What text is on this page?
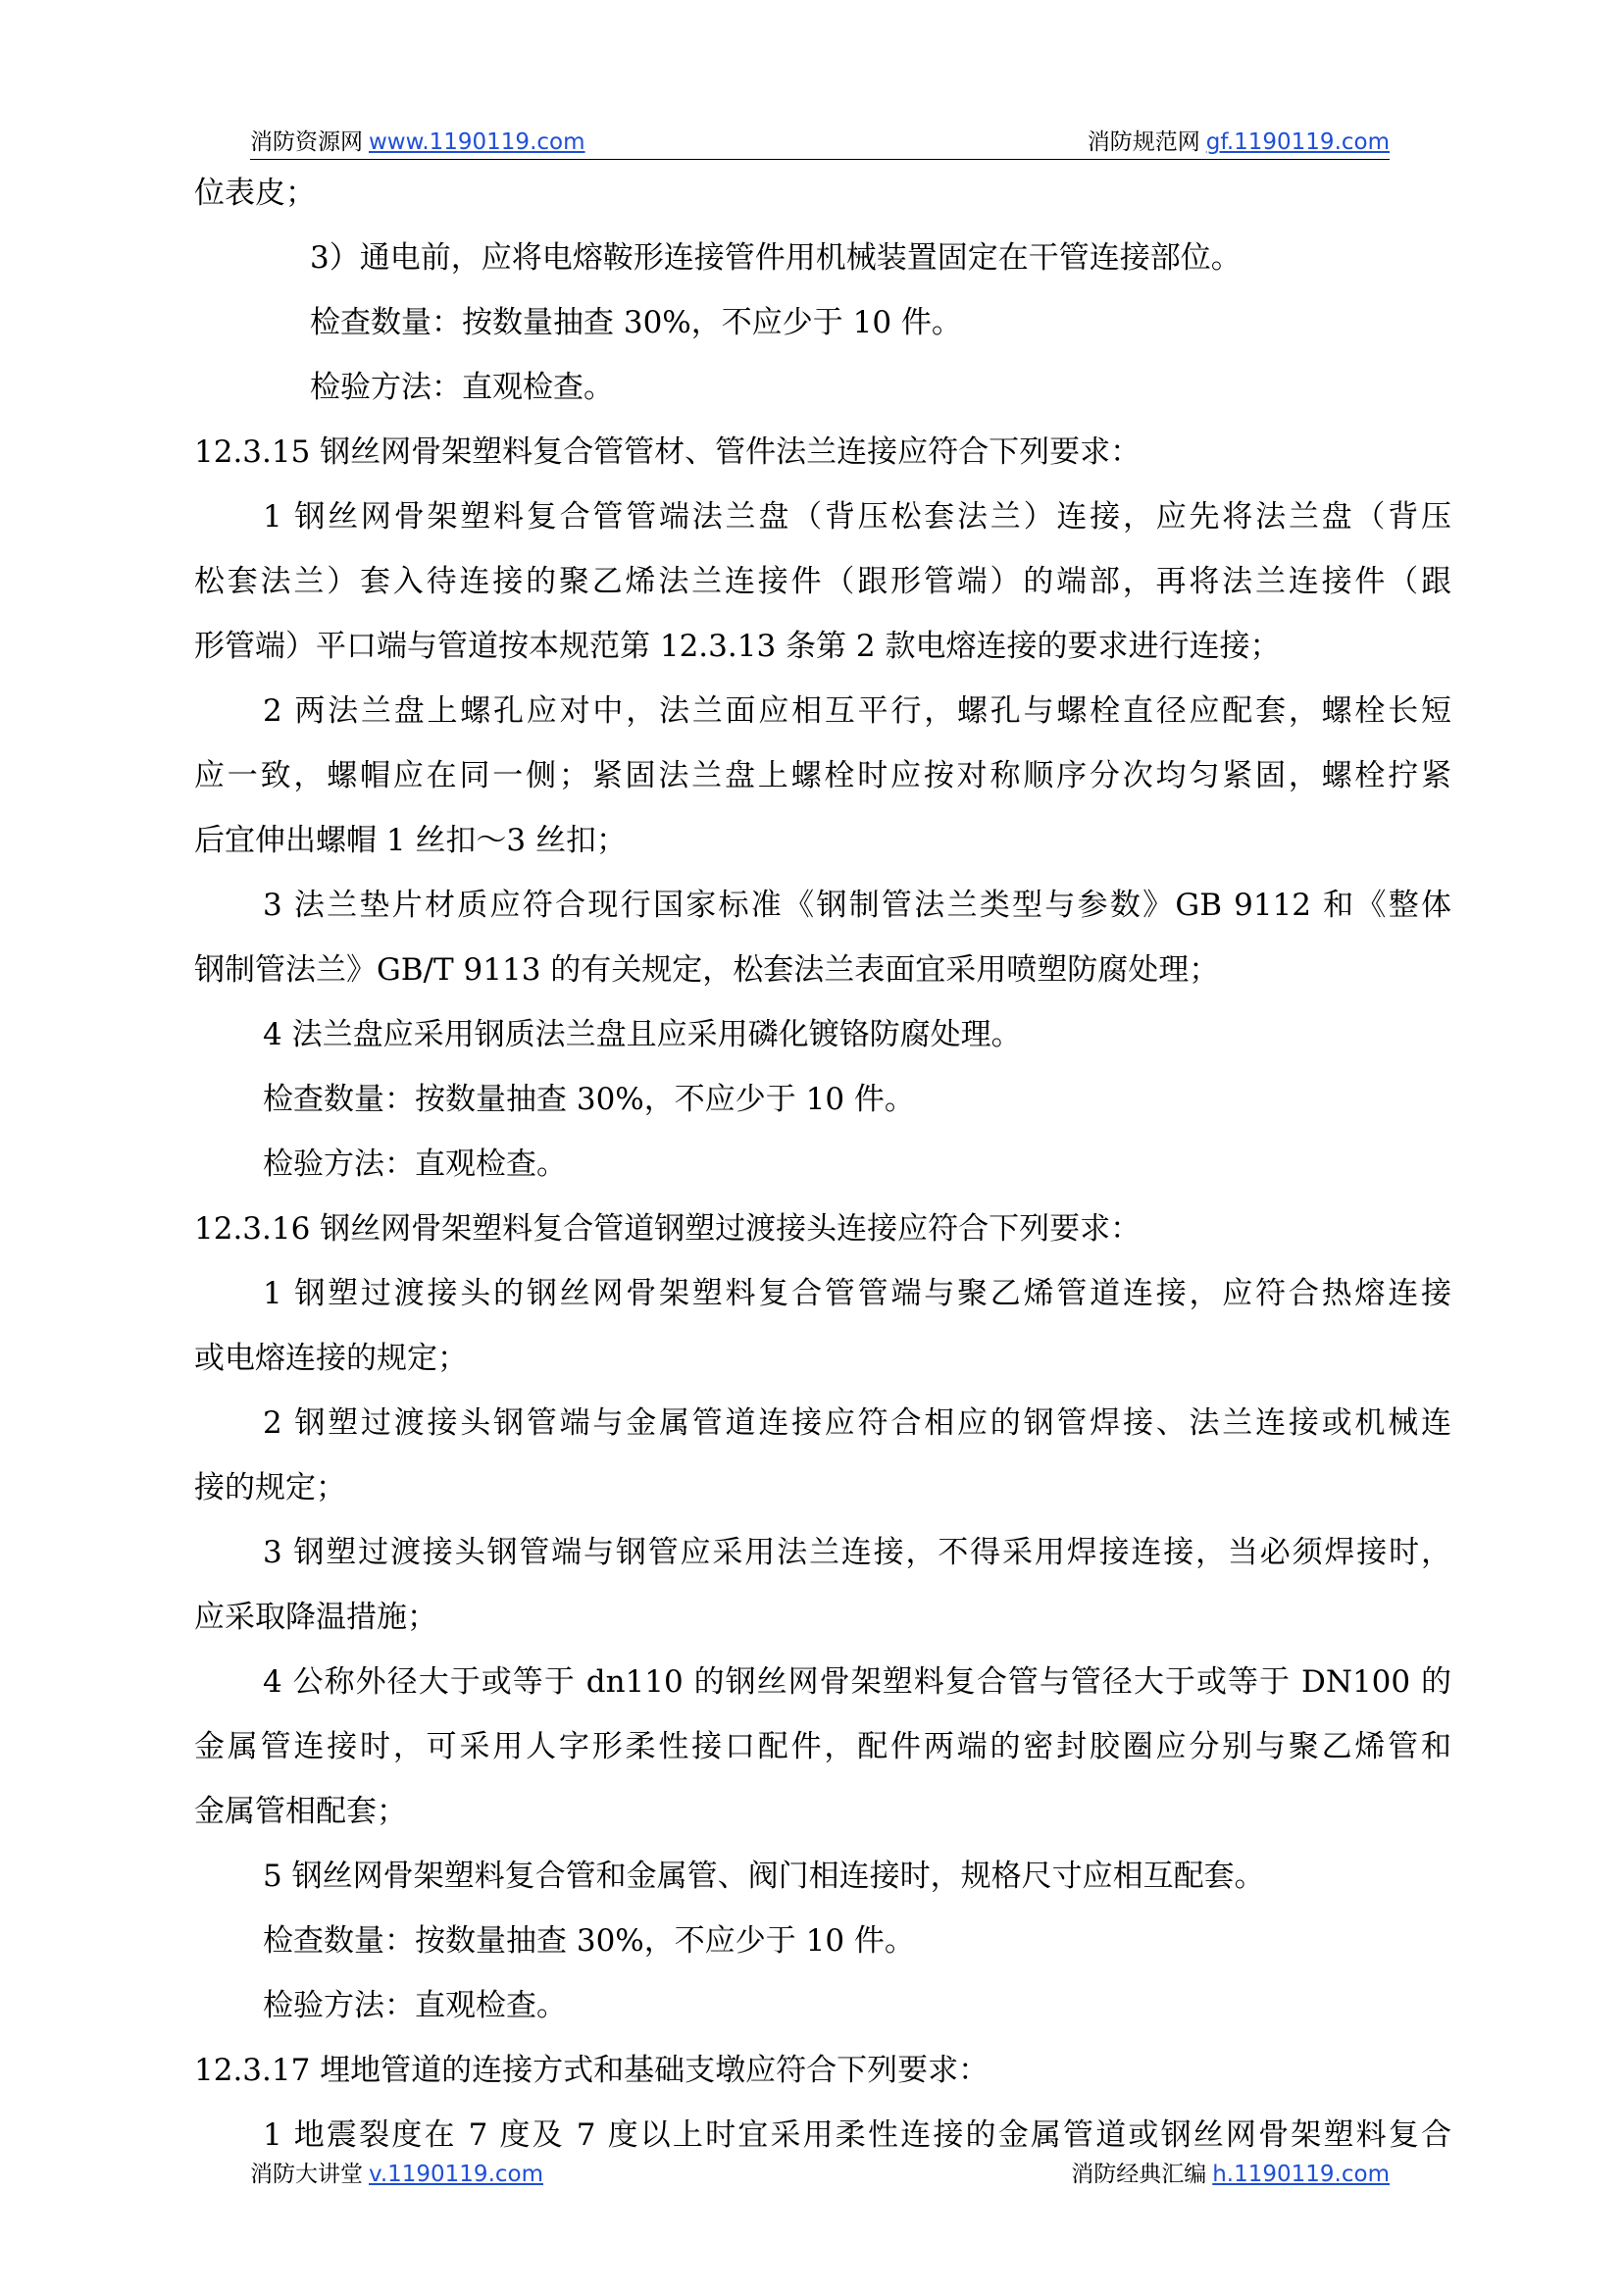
消防资源网 www.1190119.com	消防规范网 gf.1190119.com

位表皮；

3）通电前，应将电熔鞍形连接管件用机械装置固定在干管连接部位。

检查数量：按数量抽查 30%，不应少于 10 件。

检验方法：直观检查。

12.3.15 钢丝网骨架塑料复合管管材、管件法兰连接应符合下列要求：

1 钢丝网骨架塑料复合管管端法兰盘（背压松套法兰）连接，应先将法兰盘（背压

松套法兰）套入待连接的聚乙烯法兰连接件（跟形管端）的端部，再将法兰连接件（跟

形管端）平口端与管道按本规范第 12.3.13 条第 2 款电熔连接的要求进行连接；

2 两法兰盘上螺孔应对中，法兰面应相互平行，螺孔与螺栓直径应配套，螺栓长短

应一致，螺帽应在同一侧；紧固法兰盘上螺栓时应按对称顺序分次均匀紧固，螺栓拧紧

后宜伸出螺帽 1 丝扣～3 丝扣；

3 法兰垫片材质应符合现行国家标准《钢制管法兰类型与参数》GB 9112 和《整体

钢制管法兰》GB/T 9113 的有关规定，松套法兰表面宜采用喷塑防腐处理；

4 法兰盘应采用钢质法兰盘且应采用磷化镀铬防腐处理。

检查数量：按数量抽查 30%，不应少于 10 件。

检验方法：直观检查。

12.3.16 钢丝网骨架塑料复合管道钢塑过渡接头连接应符合下列要求：

1 钢塑过渡接头的钢丝网骨架塑料复合管管端与聚乙烯管道连接，应符合热熔连接

或电熔连接的规定；

2 钢塑过渡接头钢管端与金属管道连接应符合相应的钢管焊接、法兰连接或机械连

接的规定；

3 钢塑过渡接头钢管端与钢管应采用法兰连接，不得采用焊接连接，当必须焊接时，

应采取降温措施；

4 公称外径大于或等于 dn110 的钢丝网骨架塑料复合管与管径大于或等于 DN100 的

金属管连接时，可采用人字形柔性接口配件，配件两端的密封胶圈应分别与聚乙烯管和

金属管相配套；

5 钢丝网骨架塑料复合管和金属管、阀门相连接时，规格尺寸应相互配套。

检查数量：按数量抽查 30%，不应少于 10 件。

检验方法：直观检查。

12.3.17 埋地管道的连接方式和基础支墩应符合下列要求：

1 地震裂度在 7 度及 7 度以上时宜采用柔性连接的金属管道或钢丝网骨架塑料复合

消防大讲堂 v.1190119.com	消防经典汇编 h.1190119.com
